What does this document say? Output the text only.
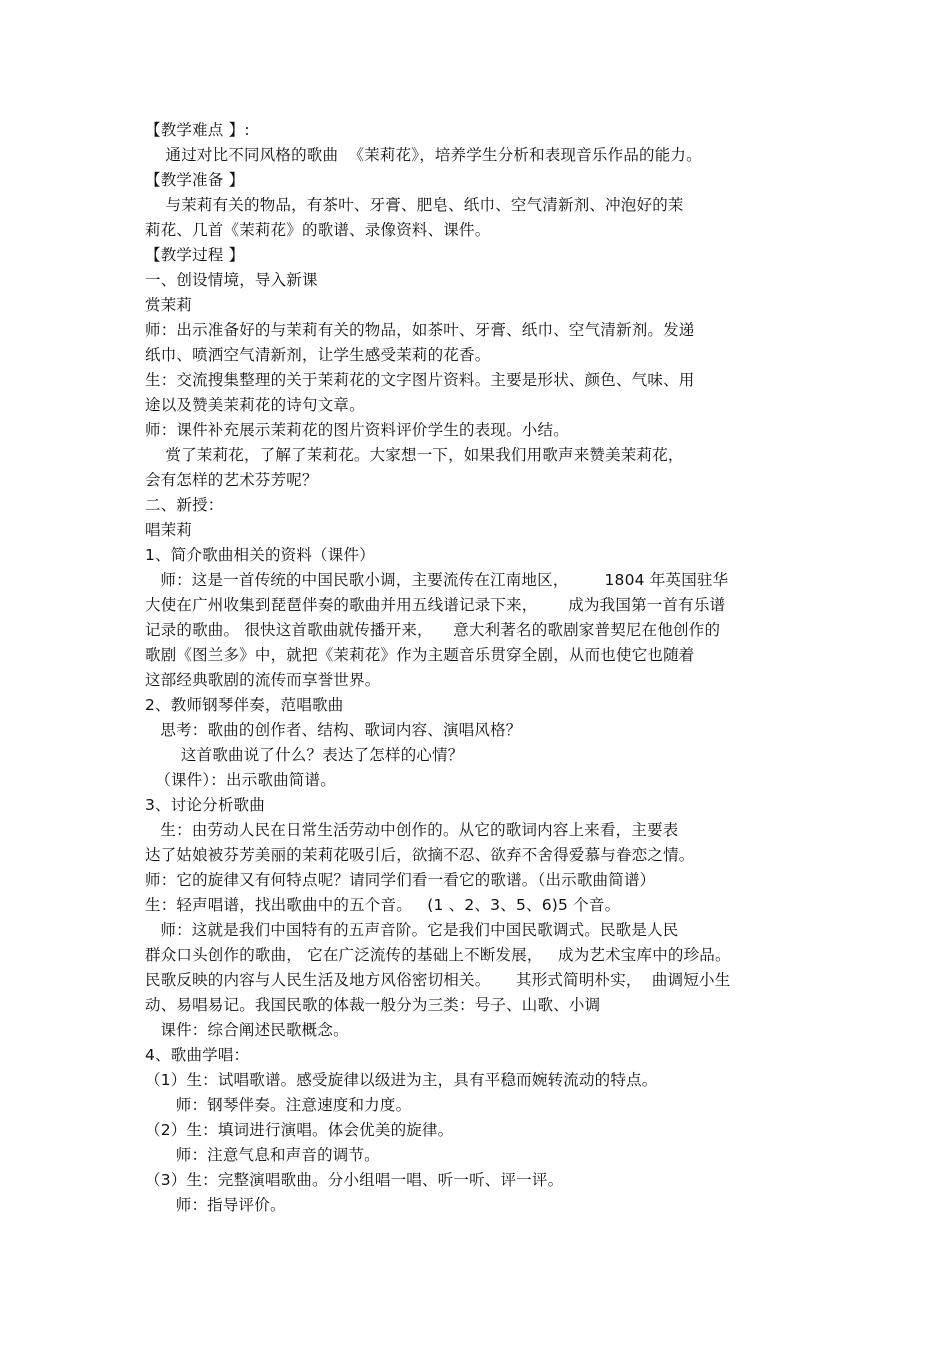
【教学难点 】:
通过对比不同风格的歌曲  《茉莉花》，培养学生分析和表现音乐作品的能力。
【教学准备 】
与茉莉有关的物品，有茶叶、牙膏、肥皂、纸巾、空气清新剂、冲泡好的茉
莉花、几首《茉莉花》的歌谱、录像资料、课件。
【教学过程 】
一、创设情境，导入新课
赏茉莉
师：出示准备好的与茉莉有关的物品，如茶叶、牙膏、纸巾、空气清新剂。发递
纸巾、喷洒空气清新剂，让学生感受茉莉的花香。
生：交流搜集整理的关于茉莉花的文字图片资料。主要是形状、颜色、气味、用
途以及赞美茉莉花的诗句文章。
师：课件补充展示茉莉花的图片资料评价学生的表现。小结。
赏了茉莉花，了解了茉莉花。大家想一下，如果我们用歌声来赞美茉莉花，
会有怎样的艺术芬芳呢？
二、新授：
唱茉莉
1、简介歌曲相关的资料（课件）
师：这是一首传统的中国民歌小调，主要流传在江南地区，       1804 年英国驻华
大使在广州收集到琵琶伴奏的歌曲并用五线谱记录下来，      成为我国第一首有乐谱
记录的歌曲。 很快这首歌曲就传播开来，    意大利著名的歌剧家普契尼在他创作的
歌剧《图兰多》中，就把《茉莉花》作为主题音乐贯穿全剧，从而也使它也随着
这部经典歌剧的流传而享誉世界。
2、教师钢琴伴奏，范唱歌曲
思考：歌曲的创作者、结构、歌词内容、演唱风格？
这首歌曲说了什么？表达了怎样的心情？
（课件）：出示歌曲简谱。
3、讨论分析歌曲
生：由劳动人民在日常生活劳动中创作的。从它的歌词内容上来看，主要表
达了姑娘被芬芳美丽的茉莉花吸引后，欲摘不忍、欲弃不舍得爱慕与眷恋之情。
师：它的旋律又有何特点呢？请同学们看一看它的歌谱。（出示歌曲简谱）
生：轻声唱谱，找出歌曲中的五个音。   (1 、2、3、5、6)5 个音。
师：这就是我们中国特有的五声音阶。它是我们中国民歌调式。民歌是人民
群众口头创作的歌曲， 它在广泛流传的基础上不断发展，   成为艺术宝库中的珍品。
民歌反映的内容与人民生活及地方风俗密切相关。     其形式简明朴实，  曲调短小生
动、易唱易记。我国民歌的体裁一般分为三类：号子、山歌、小调
课件：综合阐述民歌概念。
4、歌曲学唱：
（1）生：试唱歌谱。感受旋律以级进为主，具有平稳而婉转流动的特点。
师：钢琴伴奏。注意速度和力度。
（2）生：填词进行演唱。体会优美的旋律。
师：注意气息和声音的调节。
（3）生：完整演唱歌曲。分小组唱一唱、听一听、评一评。
师：指导评价。
